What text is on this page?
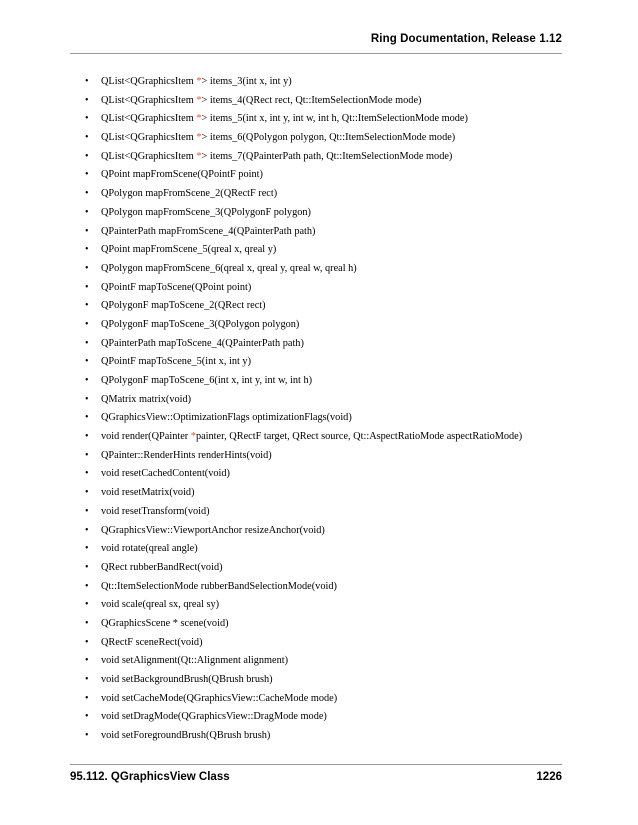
Ring Documentation, Release 1.12
• QList<QGraphicsItem *> items_3(int x, int y)
• QList<QGraphicsItem *> items_4(QRect rect, Qt::ItemSelectionMode mode)
• QList<QGraphicsItem *> items_5(int x, int y, int w, int h, Qt::ItemSelectionMode mode)
• QList<QGraphicsItem *> items_6(QPolygon polygon, Qt::ItemSelectionMode mode)
• QList<QGraphicsItem *> items_7(QPainterPath path, Qt::ItemSelectionMode mode)
• QPoint mapFromScene(QPointF point)
• QPolygon mapFromScene_2(QRectF rect)
• QPolygon mapFromScene_3(QPolygonF polygon)
• QPainterPath mapFromScene_4(QPainterPath path)
• QPoint mapFromScene_5(qreal x, qreal y)
• QPolygon mapFromScene_6(qreal x, qreal y, qreal w, qreal h)
• QPointF mapToScene(QPoint point)
• QPolygonF mapToScene_2(QRect rect)
• QPolygonF mapToScene_3(QPolygon polygon)
• QPainterPath mapToScene_4(QPainterPath path)
• QPointF mapToScene_5(int x, int y)
• QPolygonF mapToScene_6(int x, int y, int w, int h)
• QMatrix matrix(void)
• QGraphicsView::OptimizationFlags optimizationFlags(void)
• void render(QPainter *painter, QRectF target, QRect source, Qt::AspectRatioMode aspectRatioMode)
• QPainter::RenderHints renderHints(void)
• void resetCachedContent(void)
• void resetMatrix(void)
• void resetTransform(void)
• QGraphicsView::ViewportAnchor resizeAnchor(void)
• void rotate(qreal angle)
• QRect rubberBandRect(void)
• Qt::ItemSelectionMode rubberBandSelectionMode(void)
• void scale(qreal sx, qreal sy)
• QGraphicsScene * scene(void)
• QRectF sceneRect(void)
• void setAlignment(Qt::Alignment alignment)
• void setBackgroundBrush(QBrush brush)
• void setCacheMode(QGraphicsView::CacheMode mode)
• void setDragMode(QGraphicsView::DragMode mode)
• void setForegroundBrush(QBrush brush)
95.112. QGraphicsView Class	1226
